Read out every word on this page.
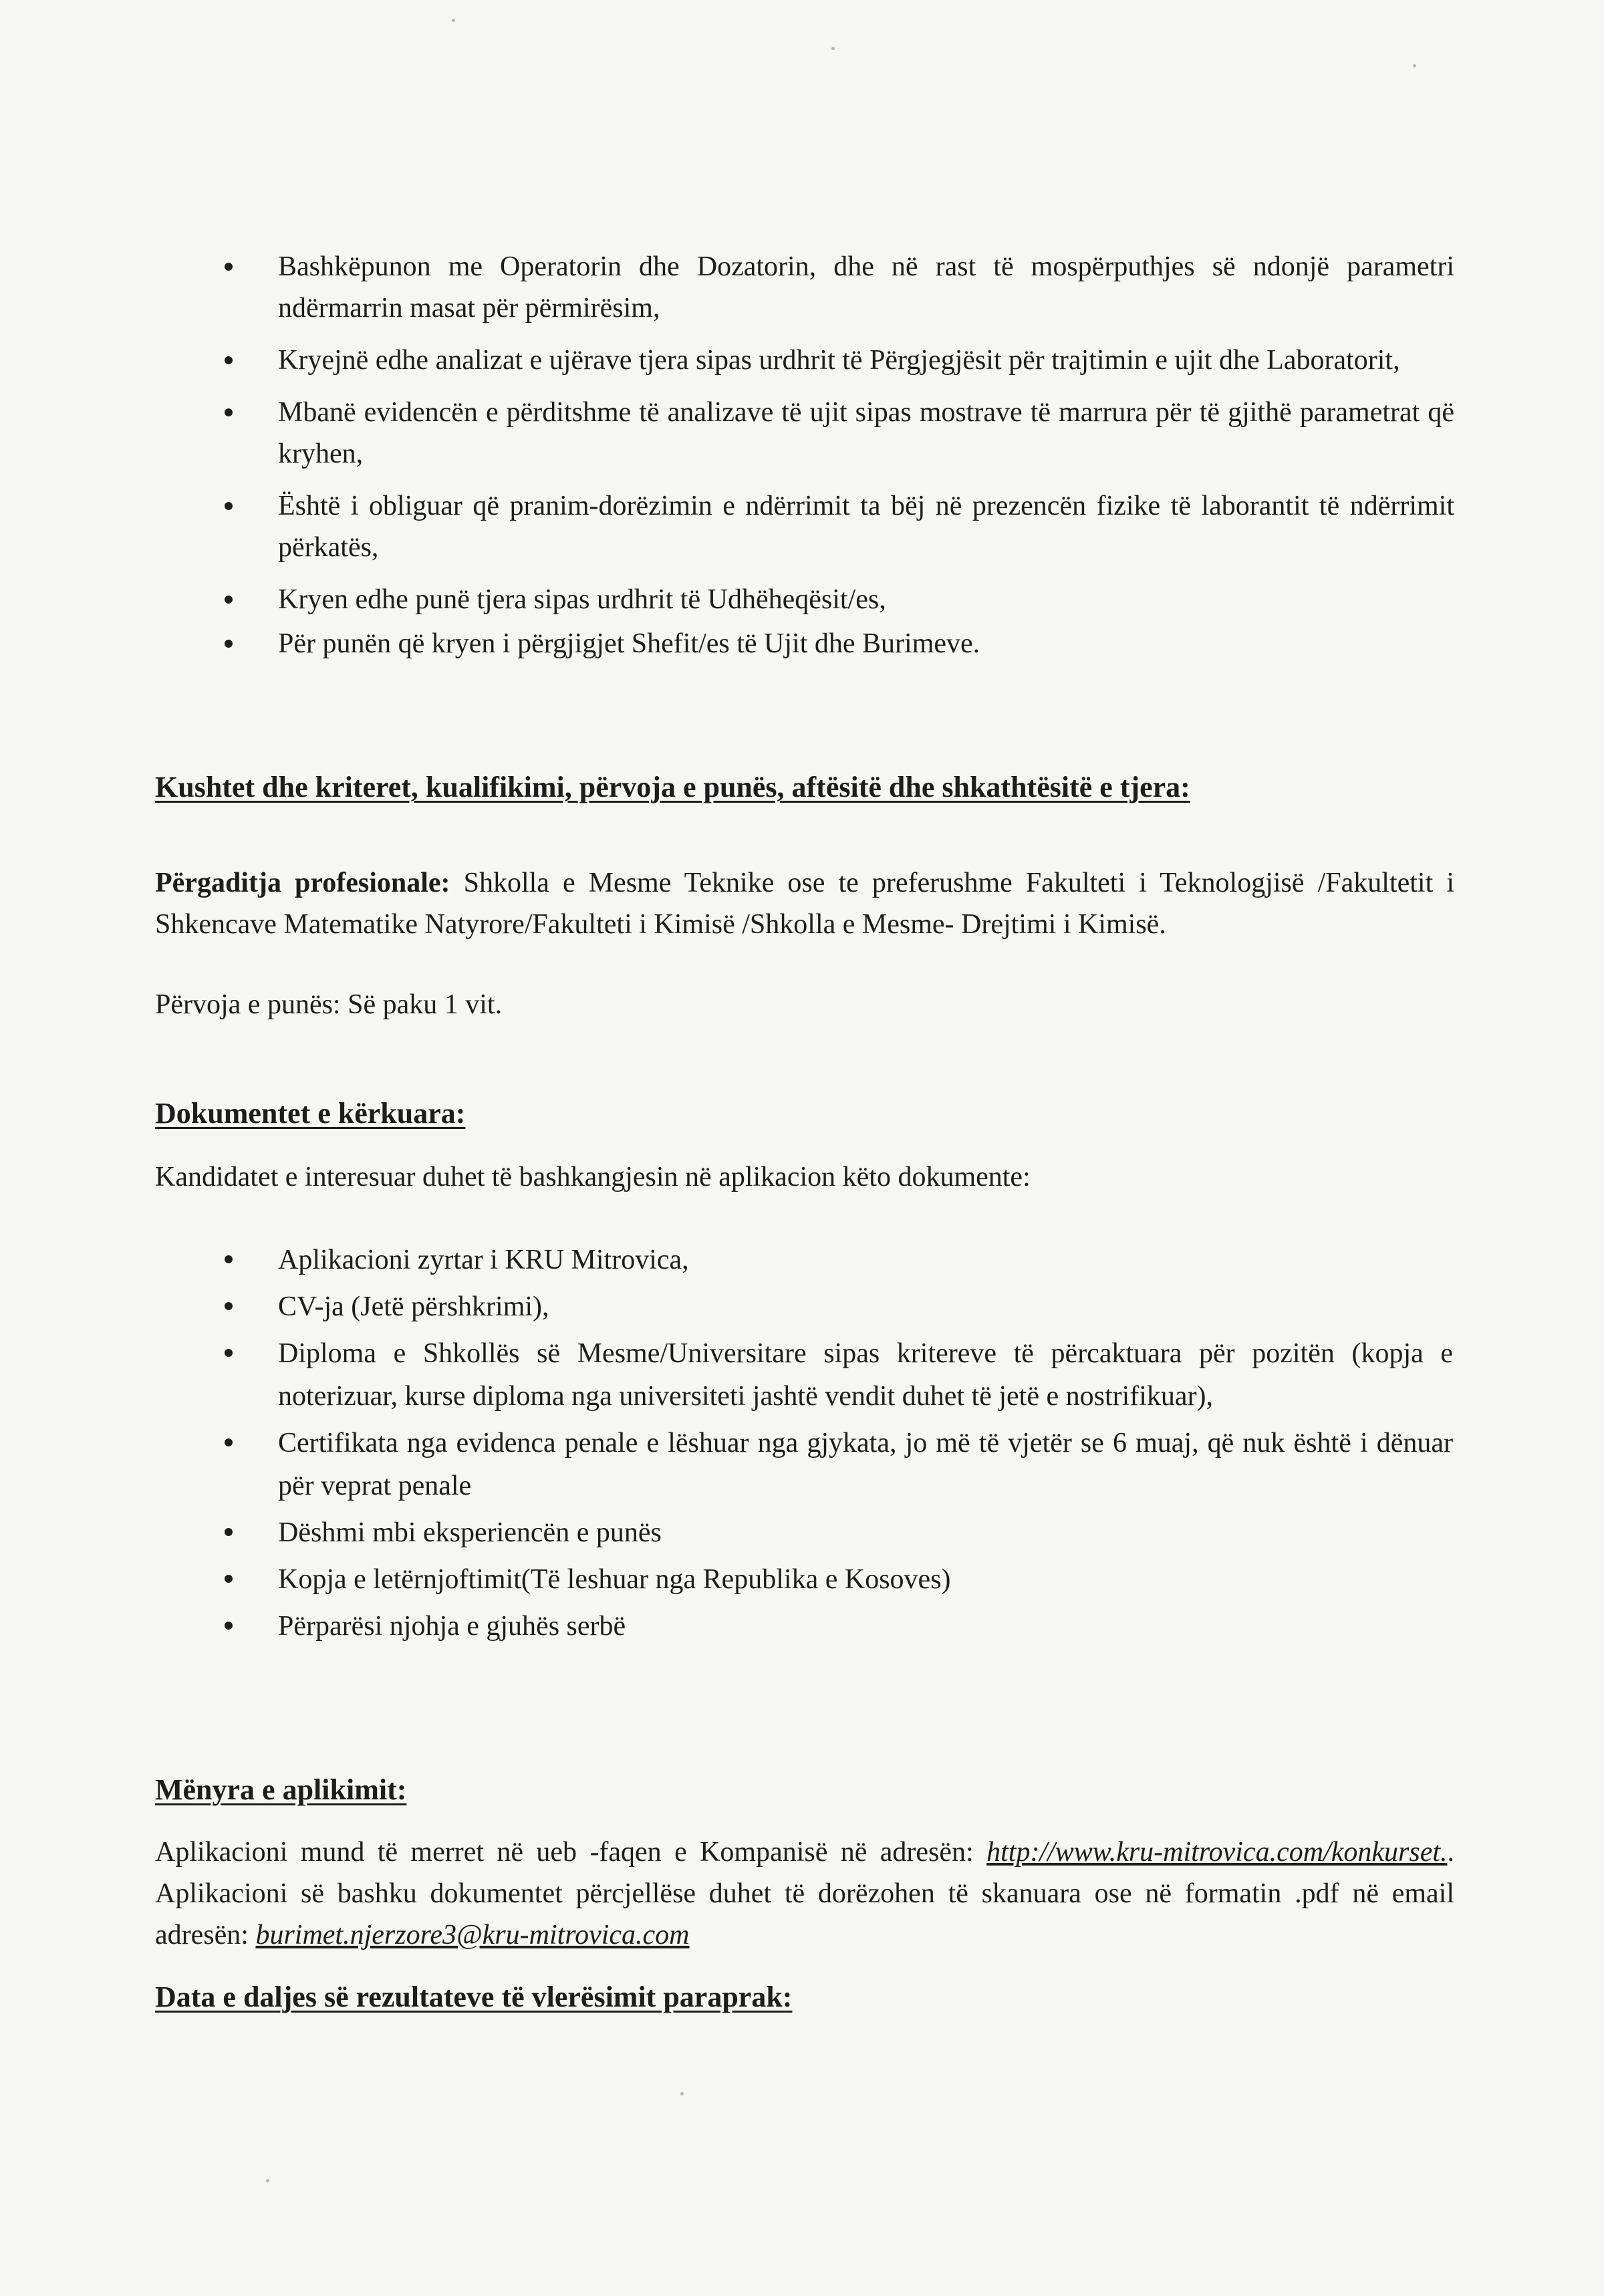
Bashkëpunon me Operatorin dhe Dozatorin, dhe në rast të mospërputhjes së ndonjë parametri ndërmarrin masat për përmirësim,
Kryejnë edhe analizat e ujërave tjera sipas urdhrit të Përgjegjësit për trajtimin e ujit dhe Laboratorit,
Mbanë evidencën e përditshme të analizave të ujit sipas mostrave të marrura për të gjithë parametrat që kryhen,
Është i obliguar që pranim-dorëzimin e ndërrimit ta bëj në prezencën fizike të laborantit të ndërrimit përkatës,
Kryen edhe punë tjera sipas urdhrit të Udhëheqësit/es,
Për punën që kryen i përgjigjet Shefit/es të Ujit dhe Burimeve.
Kushtet dhe kriteret, kualifikimi, përvoja e punës, aftësitë dhe shkathtësitë e tjera:
Përgaditja profesionale: Shkolla e Mesme Teknike ose te preferushme Fakulteti i Teknologjisë /Fakultetit i Shkencave Matematike Natyrore/Fakulteti i Kimisë /Shkolla e Mesme- Drejtimi i Kimisë.
Përvoja e punës: Së paku 1 vit.
Dokumentet e kërkuara:
Kandidatet e interesuar duhet të bashkangjesin në aplikacion këto dokumente:
Aplikacioni zyrtar i KRU Mitrovica,
CV-ja (Jetë përshkrimi),
Diploma e Shkollës së Mesme/Universitare sipas kritereve të përcaktuara për pozitën (kopja e noterizuar, kurse diploma nga universiteti jashtë vendit duhet të jetë e nostrifikuar),
Certifikata nga evidenca penale e lëshuar nga gjykata, jo më të vjetër se 6 muaj, që nuk është i dënuar për veprat penale
Dëshmi mbi eksperiencën e punës
Kopja e letërnjoftimit(Të leshuar nga Republika e Kosoves)
Përparësi njohja e gjuhës serbë
Mënyra e aplikimit:
Aplikacioni mund të merret në ueb -faqen e Kompanisë në adresën: http://www.kru-mitrovica.com/konkurset.. Aplikacioni së bashku dokumentet përcjellëse duhet të dorëzohen të skanuara ose në formatin .pdf në email adresën: burimet.njerzore3@kru-mitrovica.com
Data e daljes së rezultateve të vlerësimit paraprak:
